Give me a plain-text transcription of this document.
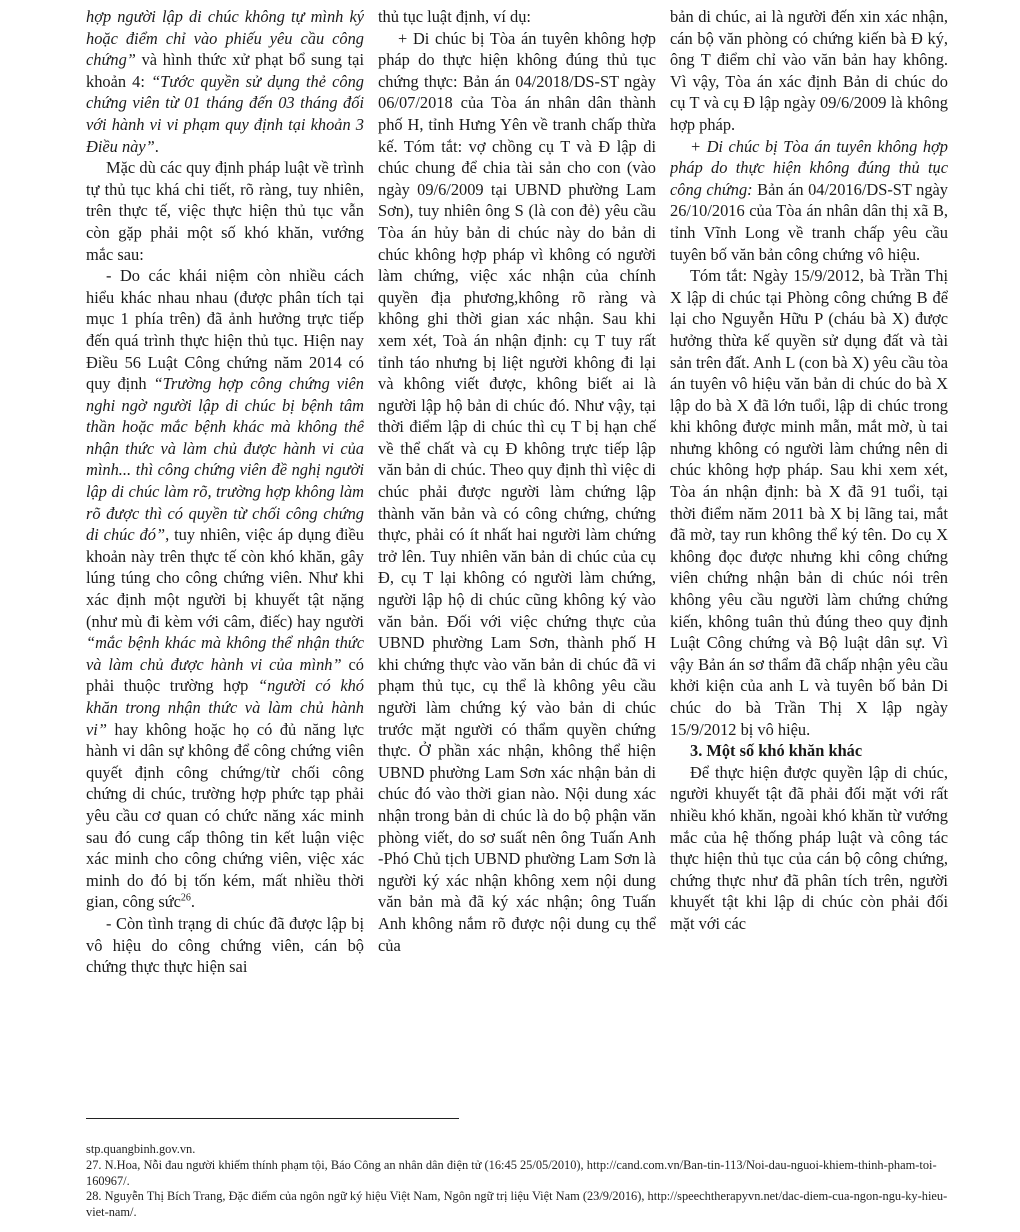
hợp người lập di chúc không tự mình ký hoặc điểm chỉ vào phiếu yêu cầu công chứng” và hình thức xử phạt bổ sung tại khoản 4: “Tước quyền sử dụng thẻ công chứng viên từ 01 tháng đến 03 tháng đối với hành vi vi phạm quy định tại khoản 3 Điều này”.

Mặc dù các quy định pháp luật về trình tự thủ tục khá chi tiết, rõ ràng, tuy nhiên, trên thực tế, việc thực hiện thủ tục vẫn còn gặp phải một số khó khăn, vướng mắc sau:

- Do các khái niệm còn nhiều cách hiểu khác nhau nhau (được phân tích tại mục 1 phía trên) đã ảnh hưởng trực tiếp đến quá trình thực hiện thủ tục. Hiện nay Điều 56 Luật Công chứng năm 2014 có quy định “Trường hợp công chứng viên nghi ngờ người lập di chúc bị bệnh tâm thần hoặc mắc bệnh khác mà không thể nhận thức và làm chủ được hành vi của mình... thì công chứng viên đề nghị người lập di chúc làm rõ, trường hợp không làm rõ được thì có quyền từ chối công chứng di chúc đó”, tuy nhiên, việc áp dụng điều khoản này trên thực tế còn khó khăn, gây lúng túng cho công chứng viên. Như khi xác định một người bị khuyết tật nặng (như mù đi kèm với câm, điếc) hay người “mắc bệnh khác mà không thể nhận thức và làm chủ được hành vi của mình” có phải thuộc trường hợp “người có khó khăn trong nhận thức và làm chủ hành vi” hay không hoặc họ có đủ năng lực hành vi dân sự không để công chứng viên quyết định công chứng/từ chối công chứng di chúc, trường hợp phức tạp phải yêu cầu cơ quan có chức năng xác minh sau đó cung cấp thông tin kết luận việc xác minh cho công chứng viên, việc xác minh do đó bị tốn kém, mất nhiều thời gian, công sức$^{26}$.

- Còn tình trạng di chúc đã được lập bị vô hiệu do công chứng viên, cán bộ chứng thực thực hiện sai

thủ tục luật định, ví dụ:

+ Di chúc bị Tòa án tuyên không hợp pháp do thực hiện không đúng thủ tục chứng thực: Bản án 04/2018/DS-ST ngày 06/07/2018 của Tòa án nhân dân thành phố H, tỉnh Hưng Yên về tranh chấp thừa kế. Tóm tắt: vợ chồng cụ T và Đ lập di chúc chung để chia tài sản cho con (vào ngày 09/6/2009 tại UBND phường Lam Sơn), tuy nhiên ông S (là con đẻ) yêu cầu Tòa án hủy bản di chúc này do bản di chúc không hợp pháp vì không có người làm chứng, việc xác nhận của chính quyền địa phương,không rõ ràng và không ghi thời gian xác nhận. Sau khi xem xét, Toà án nhận định: cụ T tuy rất tỉnh táo nhưng bị liệt người không đi lại và không viết được, không biết ai là người lập hộ bản di chúc đó. Như vậy, tại thời điểm lập di chúc thì cụ T bị hạn chế về thể chất và cụ Đ không trực tiếp lập văn bản di chúc. Theo quy định thì việc di chúc phải được người làm chứng lập thành văn bản và có công chứng, chứng thực, phải có ít nhất hai người làm chứng trở lên. Tuy nhiên văn bản di chúc của cụ Đ, cụ T lại không có người làm chứng, người lập hộ di chúc cũng không ký vào văn bản. Đối với việc chứng thực của UBND phường Lam Sơn, thành phố H khi chứng thực vào văn bản di chúc đã vi phạm thủ tục, cụ thể là không yêu cầu người làm chứng ký vào bản di chúc trước mặt người có thẩm quyền chứng thực. Ở phần xác nhận, không thể hiện UBND phường Lam Sơn xác nhận bản di chúc đó vào thời gian nào. Nội dung xác nhận trong bản di chúc là do bộ phận văn phòng viết, do sơ suất nên ông Tuấn Anh -Phó Chủ tịch UBND phường Lam Sơn là người ký xác nhận không xem nội dung văn bản mà đã ký xác nhận; ông Tuấn Anh không nắm rõ được nội dung cụ thể của

bản di chúc, ai là người đến xin xác nhận, cán bộ văn phòng có chứng kiến bà Đ ký, ông T điểm chỉ vào văn bản hay không. Vì vậy, Tòa án xác định Bản di chúc do cụ T và cụ Đ lập ngày 09/6/2009 là không hợp pháp.

+ Di chúc bị Tòa án tuyên không hợp pháp do thực hiện không đúng thủ tục công chứng: Bản án 04/2016/DS-ST ngày 26/10/2016 của Tòa án nhân dân thị xã B, tỉnh Vĩnh Long về tranh chấp yêu cầu tuyên bố văn bản công chứng vô hiệu.

Tóm tắt: Ngày 15/9/2012, bà Trần Thị X lập di chúc tại Phòng công chứng B để lại cho Nguyễn Hữu P (cháu bà X) được hưởng thừa kế quyền sử dụng đất và tài sản trên đất. Anh L (con bà X) yêu cầu tòa án tuyên vô hiệu văn bản di chúc do bà X lập do bà X đã lớn tuổi, lập di chúc trong khi không được minh mẫn, mắt mờ, ù tai nhưng không có người làm chứng nên di chúc không hợp pháp. Sau khi xem xét, Tòa án nhận định: bà X đã 91 tuổi, tại thời điểm năm 2011 bà X bị lãng tai, mắt đã mờ, tay run không thể ký tên. Do cụ X không đọc được nhưng khi công chứng viên chứng nhận bản di chúc nói trên không yêu cầu người làm chứng chứng kiến, không tuân thủ đúng theo quy định Luật Công chứng và Bộ luật dân sự. Vì vậy Bản án sơ thẩm đã chấp nhận yêu cầu khởi kiện của anh L và tuyên bố bản Di chúc do bà Trần Thị X lập ngày 15/9/2012 bị vô hiệu.

3. Một số khó khăn khác

Để thực hiện được quyền lập di chúc, người khuyết tật đã phải đối mặt với rất nhiều khó khăn, ngoài khó khăn từ vướng mắc của hệ thống pháp luật và công tác thực hiện thủ tục của cán bộ công chứng, chứng thực như đã phân tích trên, người khuyết tật khi lập di chúc còn phải đối mặt với các

stp.quangbinh.gov.vn.

27. N.Hoa, Nỗi đau người khiếm thính phạm tội, Báo Công an nhân dân điện tử (16:45 25/05/2010), http://cand.com.vn/Ban-tin-113/Noi-dau-nguoi-khiem-thinh-pham-toi-160967/.

28. Nguyễn Thị Bích Trang, Đặc điểm của ngôn ngữ ký hiệu Việt Nam, Ngôn ngữ trị liệu Việt Nam (23/9/2016), http://speechtherapyvn.net/dac-diem-cua-ngon-ngu-ky-hieu-viet-nam/.
